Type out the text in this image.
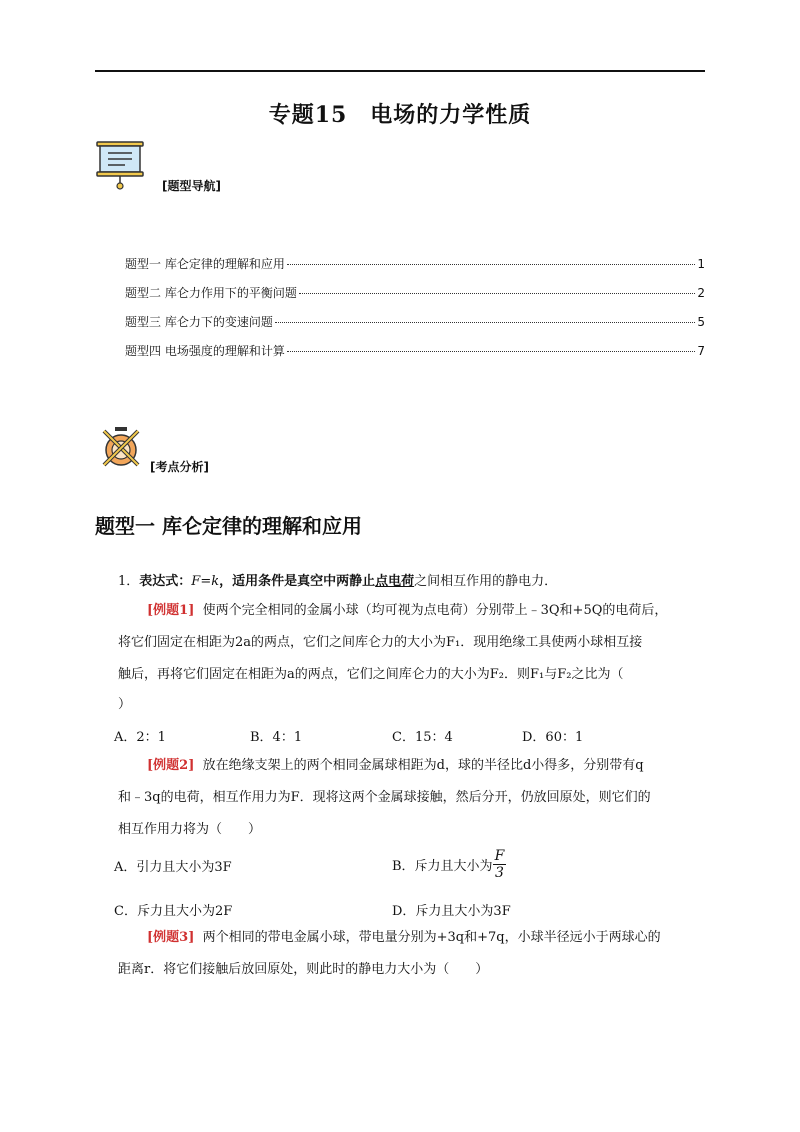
专题15　电场的力学性质
[题型导航]
题型一 库仑定律的理解和应用	1
题型二 库仑力作用下的平衡问题	2
题型三 库仑力下的变速问题	5
题型四 电场强度的理解和计算	7
[考点分析]
题型一 库仑定律的理解和应用
1．表达式：F=k，适用条件是真空中两静止点电荷之间相互作用的静电力．
[例题1] 使两个完全相同的金属小球（均可视为点电荷）分别带上﹣3Q和+5Q的电荷后，
将它们固定在相距为2a的两点，它们之间库仑力的大小为F₁．现用绝缘工具使两小球相互接
触后，再将它们固定在相距为a的两点，它们之间库仑力的大小为F₂．则F₁与F₂之比为（
）
A．2：1	B．4：1	C．15：4	D．60：1
[例题2] 放在绝缘支架上的两个相同金属球相距为d，球的半径比d小得多，分别带有q
和﹣3q的电荷，相互作用力为F．现将这两个金属球接触，然后分开，仍放回原处，则它们的
相互作用力将为（　　）
A．引力且大小为3F	B．斥力且大小为 $\frac{F}{3}$
C．斥力且大小为2F	D．斥力且大小为3F
[例题3] 两个相同的带电金属小球，带电量分别为+3q和+7q，小球半径远小于两球心的
距离r．将它们接触后放回原处，则此时的静电力大小为（　　）
